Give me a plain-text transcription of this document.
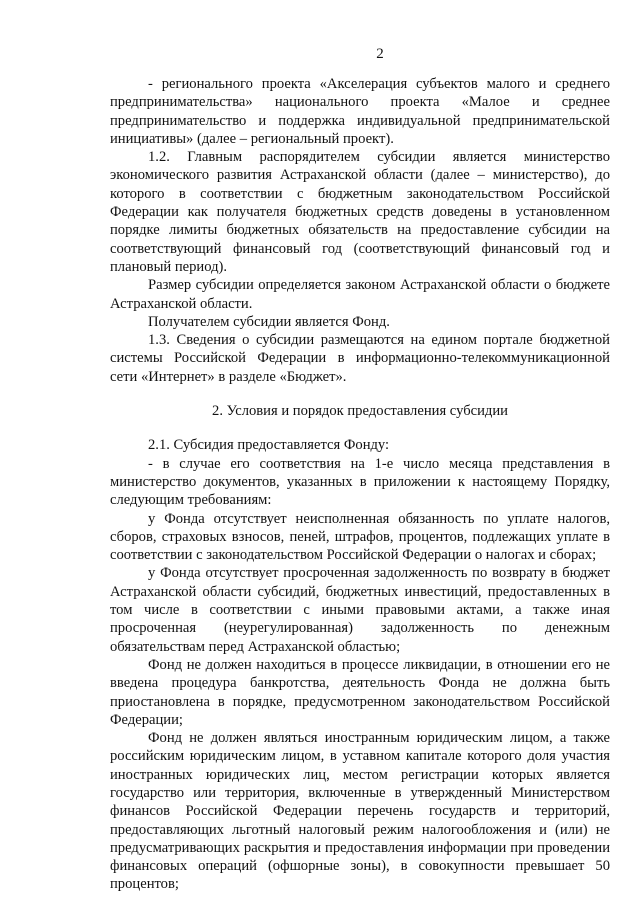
2

- регионального проекта «Акселерация субъектов малого и среднего предпринимательства» национального проекта «Малое и среднее предпринимательство и поддержка индивидуальной предпринимательской инициативы» (далее – региональный проект).

1.2. Главным распорядителем субсидии является министерство экономического развития Астраханской области (далее – министерство), до которого в соответствии с бюджетным законодательством Российской Федерации как получателя бюджетных средств доведены в установленном порядке лимиты бюджетных обязательств на предоставление субсидии на соответствующий финансовый год (соответствующий финансовый год и плановый период).

Размер субсидии определяется законом Астраханской области о бюджете Астраханской области.

Получателем субсидии является Фонд.

1.3. Сведения о субсидии размещаются на едином портале бюджетной системы Российской Федерации в информационно-телекоммуникационной сети «Интернет» в разделе «Бюджет».

2. Условия и порядок предоставления субсидии

2.1. Субсидия предоставляется Фонду:

- в случае его соответствия на 1-е число месяца представления в министерство документов, указанных в приложении к настоящему Порядку, следующим требованиям:

у Фонда отсутствует неисполненная обязанность по уплате налогов, сборов, страховых взносов, пеней, штрафов, процентов, подлежащих уплате в соответствии с законодательством Российской Федерации о налогах и сборах;

у Фонда отсутствует просроченная задолженность по возврату в бюджет Астраханской области субсидий, бюджетных инвестиций, предоставленных в том числе в соответствии с иными правовыми актами, а также иная просроченная (неурегулированная) задолженность по денежным обязательствам перед Астраханской областью;

Фонд не должен находиться в процессе ликвидации, в отношении его не введена процедура банкротства, деятельность Фонда не должна быть приостановлена в порядке, предусмотренном законодательством Российской Федерации;

Фонд не должен являться иностранным юридическим лицом, а также российским юридическим лицом, в уставном капитале которого доля участия иностранных юридических лиц, местом регистрации которых является государство или территория, включенные в утвержденный Министерством финансов Российской Федерации перечень государств и территорий, предоставляющих льготный налоговый режим налогообложения и (или) не предусматривающих раскрытия и предоставления информации при проведении финансовых операций (офшорные зоны), в совокупности превышает 50 процентов;
